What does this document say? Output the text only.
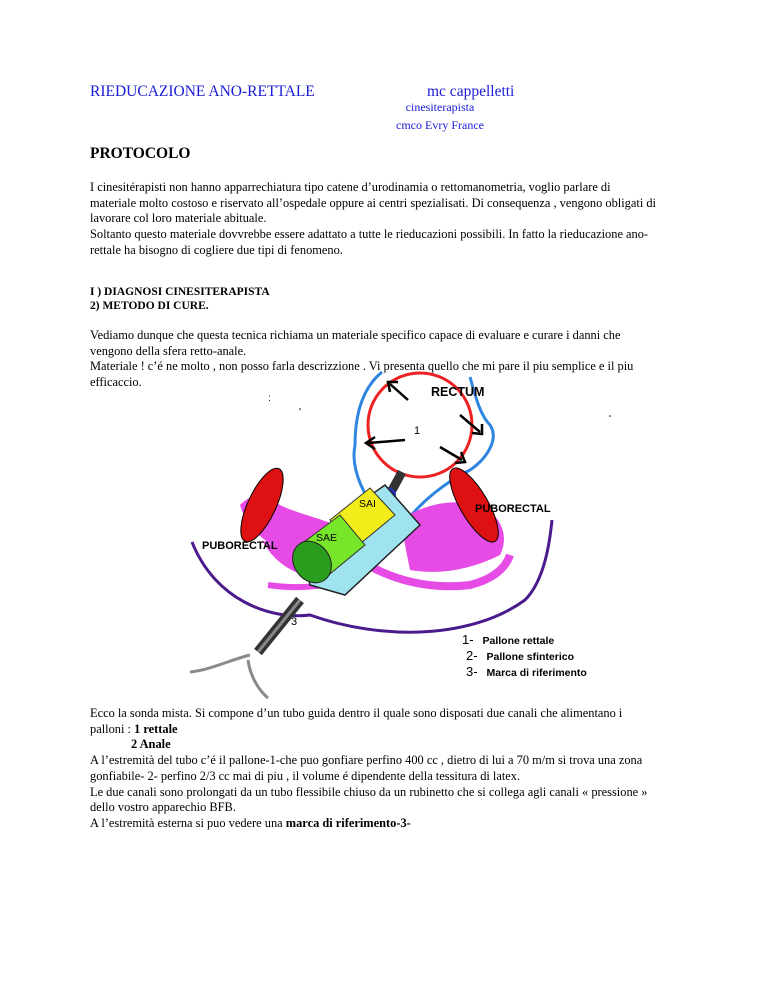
RIEDUCAZIONE ANO-RETTALE	mc cappelletti
cinesiterapista
cmco Evry France
PROTOCOLO

I cinesitérapisti non hanno apparrechiatura tipo catene d’urodinamia o rettomanometria, voglio parlare di

materiale molto costoso e riservato all’ospedale oppure ai centri spezialisati. Di consequenza , vengono obligati di

lavorare col loro materiale abituale.

Soltanto questo materiale dovvrebbe essere adattato a tutte le rieducazioni possibili. In fatto la rieducazione ano-

rettale ha bisogno di cogliere due tipi di fenomeno.

I ) DIAGNOSI CINESITERAPISTA
2) METODO DI CURE.

Vediamo dunque che questa tecnica richiama un materiale specifico capace di evaluare e curare i danni che

vengono della sfera retto-anale.

Materiale ! c’é ne molto , non posso farla descrizzione . Vi presenta quello che mi pare il piu semplice e il piu

efficaccio.

RECTUM
1
PUBORECTAL
PUBORECTAL
SAI
SAE
3
:
1- Pallone rettale
2- Pallone sfinterico
3- Marca di riferimento

Ecco la sonda mista. Si compone d’un tubo guida dentro il quale sono disposati due canali che alimentano i

palloni : 1 rettale

2 Anale

A l’estremità del tubo c’é il pallone-1-che puo gonfiare perfino 400 cc , dietro di lui a 70 m/m si trova una zona

gonfiabile- 2- perfino 2/3 cc mai di piu , il volume é dipendente della tessitura di latex.

Le due canali sono prolongati da un tubo flessibile chiuso da un rubinetto che si collega agli canali « pressione »

dello vostro apparechio BFB.

A l’estremità esterna si puo vedere una marca di riferimento-3-
